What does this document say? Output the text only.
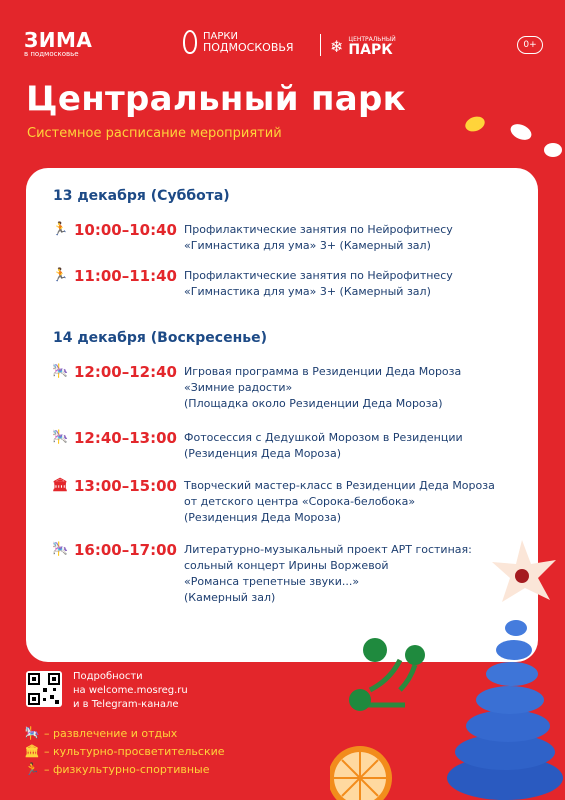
ЗИМА
в подмосковье
ПАРКИ
ПОДМОСКОВЬЯ ❄ ЦЕНТРАЛЬНЫЙ
ПАРК	0+
Центральный парк
Системное расписание мероприятий
13 декабря (Суббота)
🏃 10:00–10:40 Профилактические занятия по Нейрофитнесу
«Гимнастика для ума» 3+ (Камерный зал)
🏃 11:00–11:40 Профилактические занятия по Нейрофитнесу
«Гимнастика для ума» 3+ (Камерный зал)
14 декабря (Воскресенье)
🎠 12:00–12:40 Игровая программа в Резиденции Деда Мороза
«Зимние радости»
(Площадка около Резиденции Деда Мороза)
🎠 12:40–13:00 Фотосессия с Дедушкой Морозом в Резиденции
(Резиденция Деда Мороза)
🏛 13:00–15:00 Творческий мастер-класс в Резиденции Деда Мороза
от детского центра «Сорока-белобока»
(Резиденция Деда Мороза)
🎠 16:00–17:00 Литературно-музыкальный проект АРТ гостиная:
сольный концерт Ирины Воржевой
«Романса трепетные звуки...»
(Камерный зал)
Подробности
на welcome.mosreg.ru
и в Telegram-канале
🎠 – развлечение и отдых
🏛 – культурно-просветительские
🏃 – физкультурно-спортивные
